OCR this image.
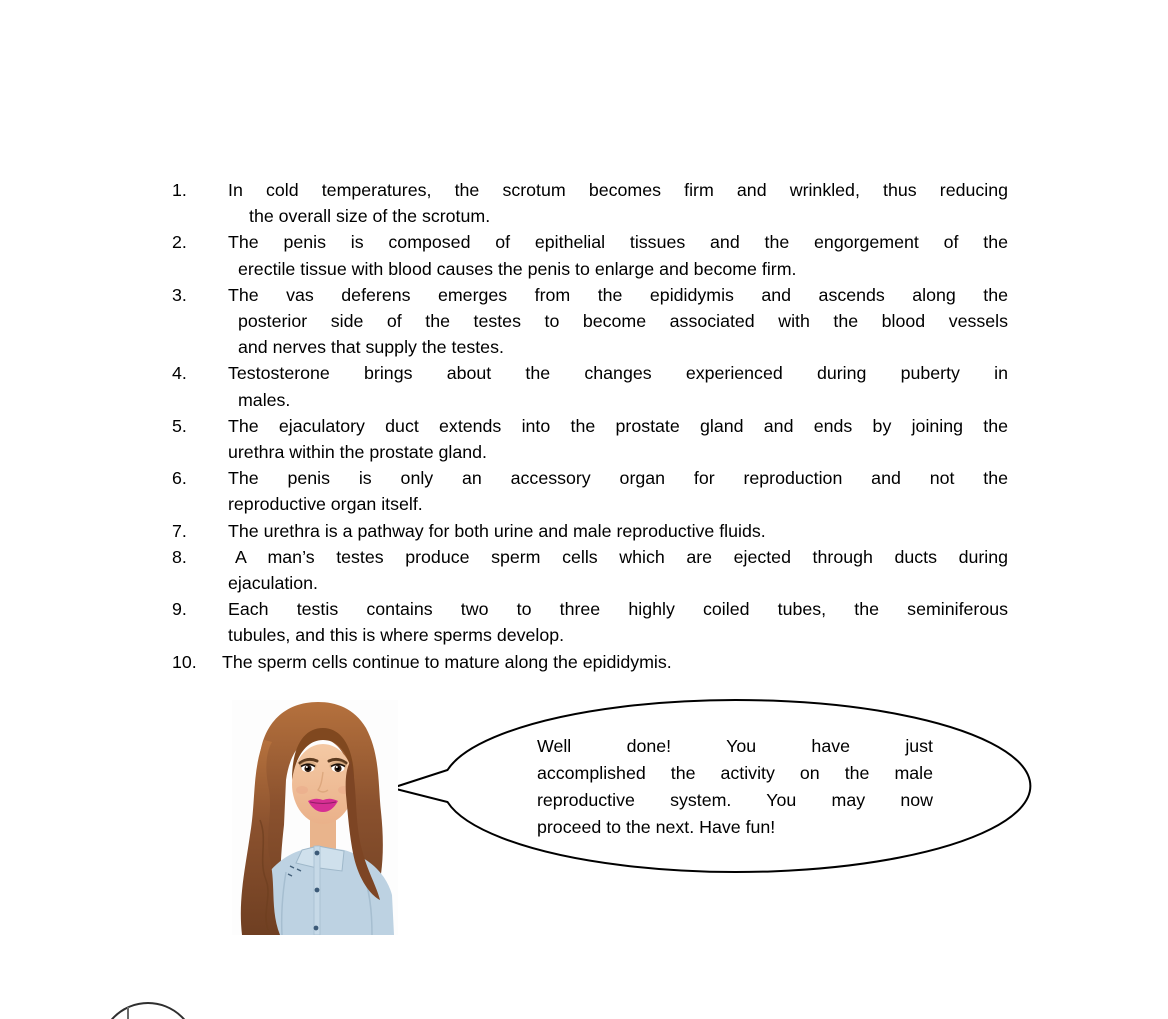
1.	In cold temperatures, the scrotum becomes firm and wrinkled, thus reducing
the overall size of the scrotum.
2.	The penis is composed of epithelial tissues and the engorgement of the
erectile tissue with blood causes the penis to enlarge and become firm.
3.	The vas deferens emerges from the epididymis and ascends along the
posterior side of the testes to become associated with the blood vessels
and nerves that supply the testes.
4.	Testosterone brings about the changes experienced during puberty in
males.
5.	The ejaculatory duct extends into the prostate gland and ends by joining the
urethra within the prostate gland.
6.	The penis is only an accessory organ for reproduction and not the
reproductive organ itself.
7.	The urethra is a pathway for both urine and male reproductive fluids.
8.	A man’s testes produce sperm cells which are ejected through ducts during
ejaculation.
9.	Each testis contains two to three highly coiled tubes, the seminiferous
tubules, and this is where sperms develop.
10.	The sperm cells continue to mature along the epididymis.
Well done! You have just
accomplished the activity on the male
reproductive system. You may now
proceed to the next. Have fun!
